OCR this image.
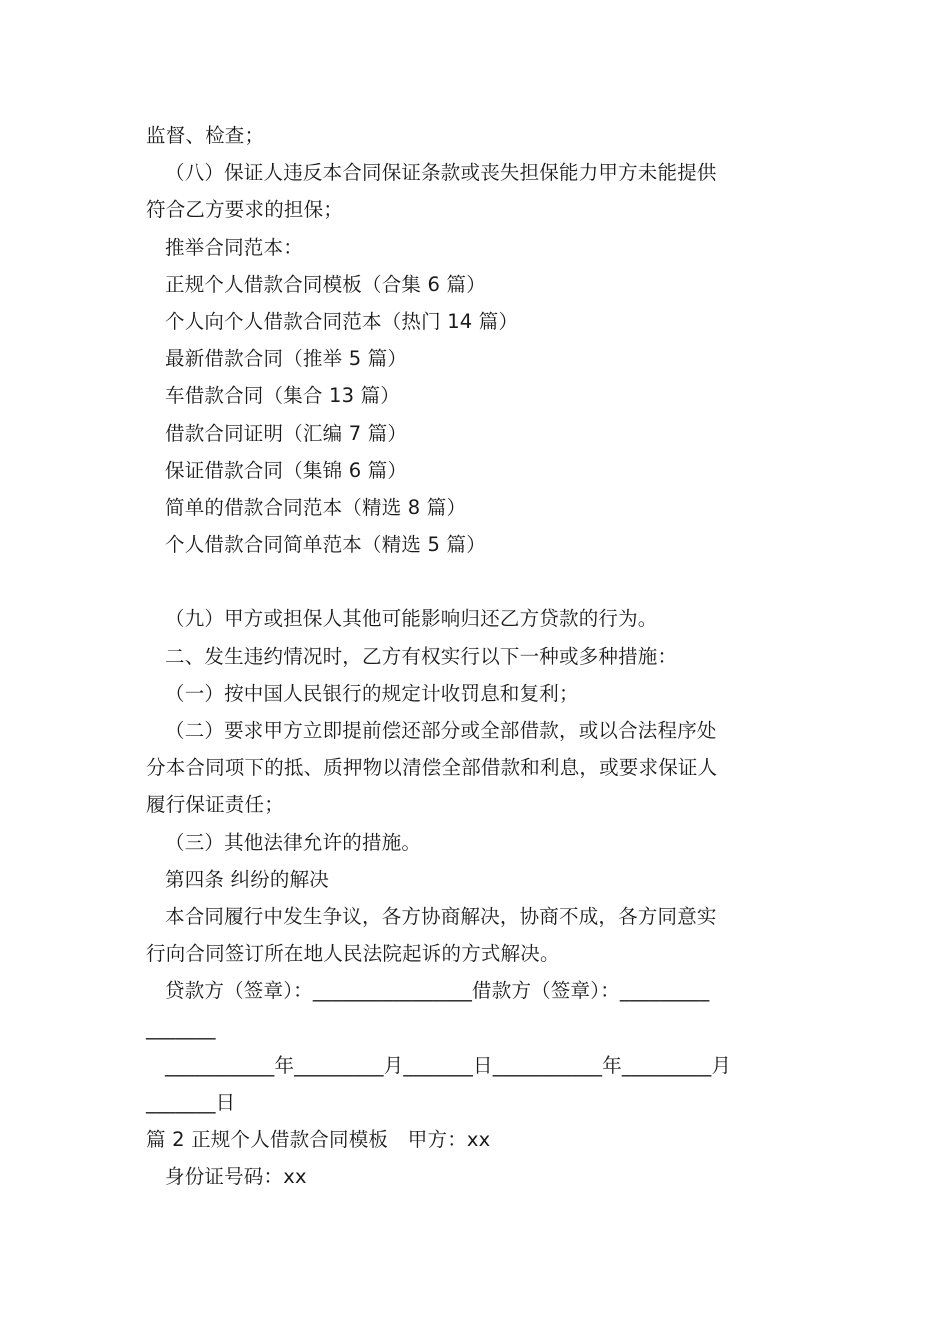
监督、检查；
（八）保证人违反本合同保证条款或丧失担保能力甲方未能提供
符合乙方要求的担保；
推举合同范本：
正规个人借款合同模板（合集 6 篇）
个人向个人借款合同范本（热门 14 篇）
最新借款合同（推举 5 篇）
车借款合同（集合 13 篇）
借款合同证明（汇编 7 篇）
保证借款合同（集锦 6 篇）
简单的借款合同范本（精选 8 篇）
个人借款合同简单范本（精选 5 篇）
（九）甲方或担保人其他可能影响归还乙方贷款的行为。
二、发生违约情况时，乙方有权实行以下一种或多种措施：
（一）按中国人民银行的规定计收罚息和复利；
（二）要求甲方立即提前偿还部分或全部借款，或以合法程序处
分本合同项下的抵、质押物以清偿全部借款和利息，或要求保证人
履行保证责任；
（三）其他法律允许的措施。
第四条 纠纷的解决
本合同履行中发生争议，各方协商解决，协商不成，各方同意实
行向合同签订所在地人民法院起诉的方式解决。
贷款方（签章）：________________借款方（签章）：_________
_______
___________年_________月_______日___________年_________月
_______日
篇 2 正规个人借款合同模板　甲方：xx
身份证号码：xx
